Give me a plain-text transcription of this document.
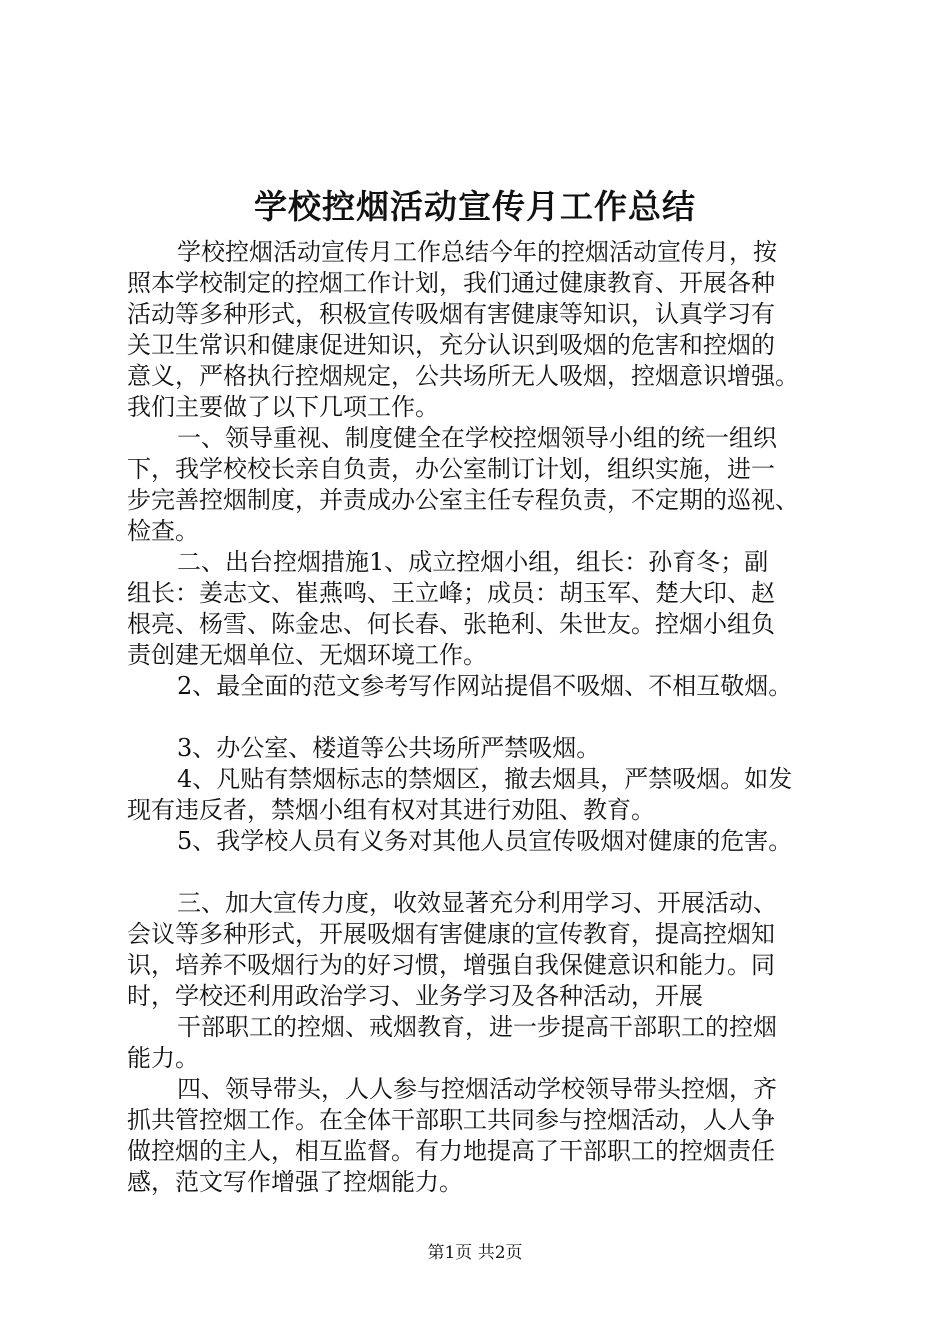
学校控烟活动宣传月工作总结
学校控烟活动宣传月工作总结今年的控烟活动宣传月，按
照本学校制定的控烟工作计划，我们通过健康教育、开展各种
活动等多种形式，积极宣传吸烟有害健康等知识，认真学习有
关卫生常识和健康促进知识，充分认识到吸烟的危害和控烟的
意义，严格执行控烟规定，公共场所无人吸烟，控烟意识增强。
我们主要做了以下几项工作。
一、领导重视、制度健全在学校控烟领导小组的统一组织
下，我学校校长亲自负责，办公室制订计划，组织实施，进一
步完善控烟制度，并责成办公室主任专程负责，不定期的巡视、
检查。
二、出台控烟措施1、成立控烟小组，组长：孙育冬；副
组长：姜志文、崔燕鸣、王立峰；成员：胡玉军、楚大印、赵
根亮、杨雪、陈金忠、何长春、张艳利、朱世友。控烟小组负
责创建无烟单位、无烟环境工作。
2、最全面的范文参考写作网站提倡不吸烟、不相互敬烟。
3、办公室、楼道等公共场所严禁吸烟。
4、凡贴有禁烟标志的禁烟区，撤去烟具，严禁吸烟。如发
现有违反者，禁烟小组有权对其进行劝阻、教育。
5、我学校人员有义务对其他人员宣传吸烟对健康的危害。
三、加大宣传力度，收效显著充分利用学习、开展活动、
会议等多种形式，开展吸烟有害健康的宣传教育，提高控烟知
识，培养不吸烟行为的好习惯，增强自我保健意识和能力。同
时，学校还利用政治学习、业务学习及各种活动，开展
干部职工的控烟、戒烟教育，进一步提高干部职工的控烟
能力。
四、领导带头，人人参与控烟活动学校领导带头控烟，齐
抓共管控烟工作。在全体干部职工共同参与控烟活动，人人争
做控烟的主人，相互监督。有力地提高了干部职工的控烟责任
感，范文写作增强了控烟能力。
第1页 共2页
